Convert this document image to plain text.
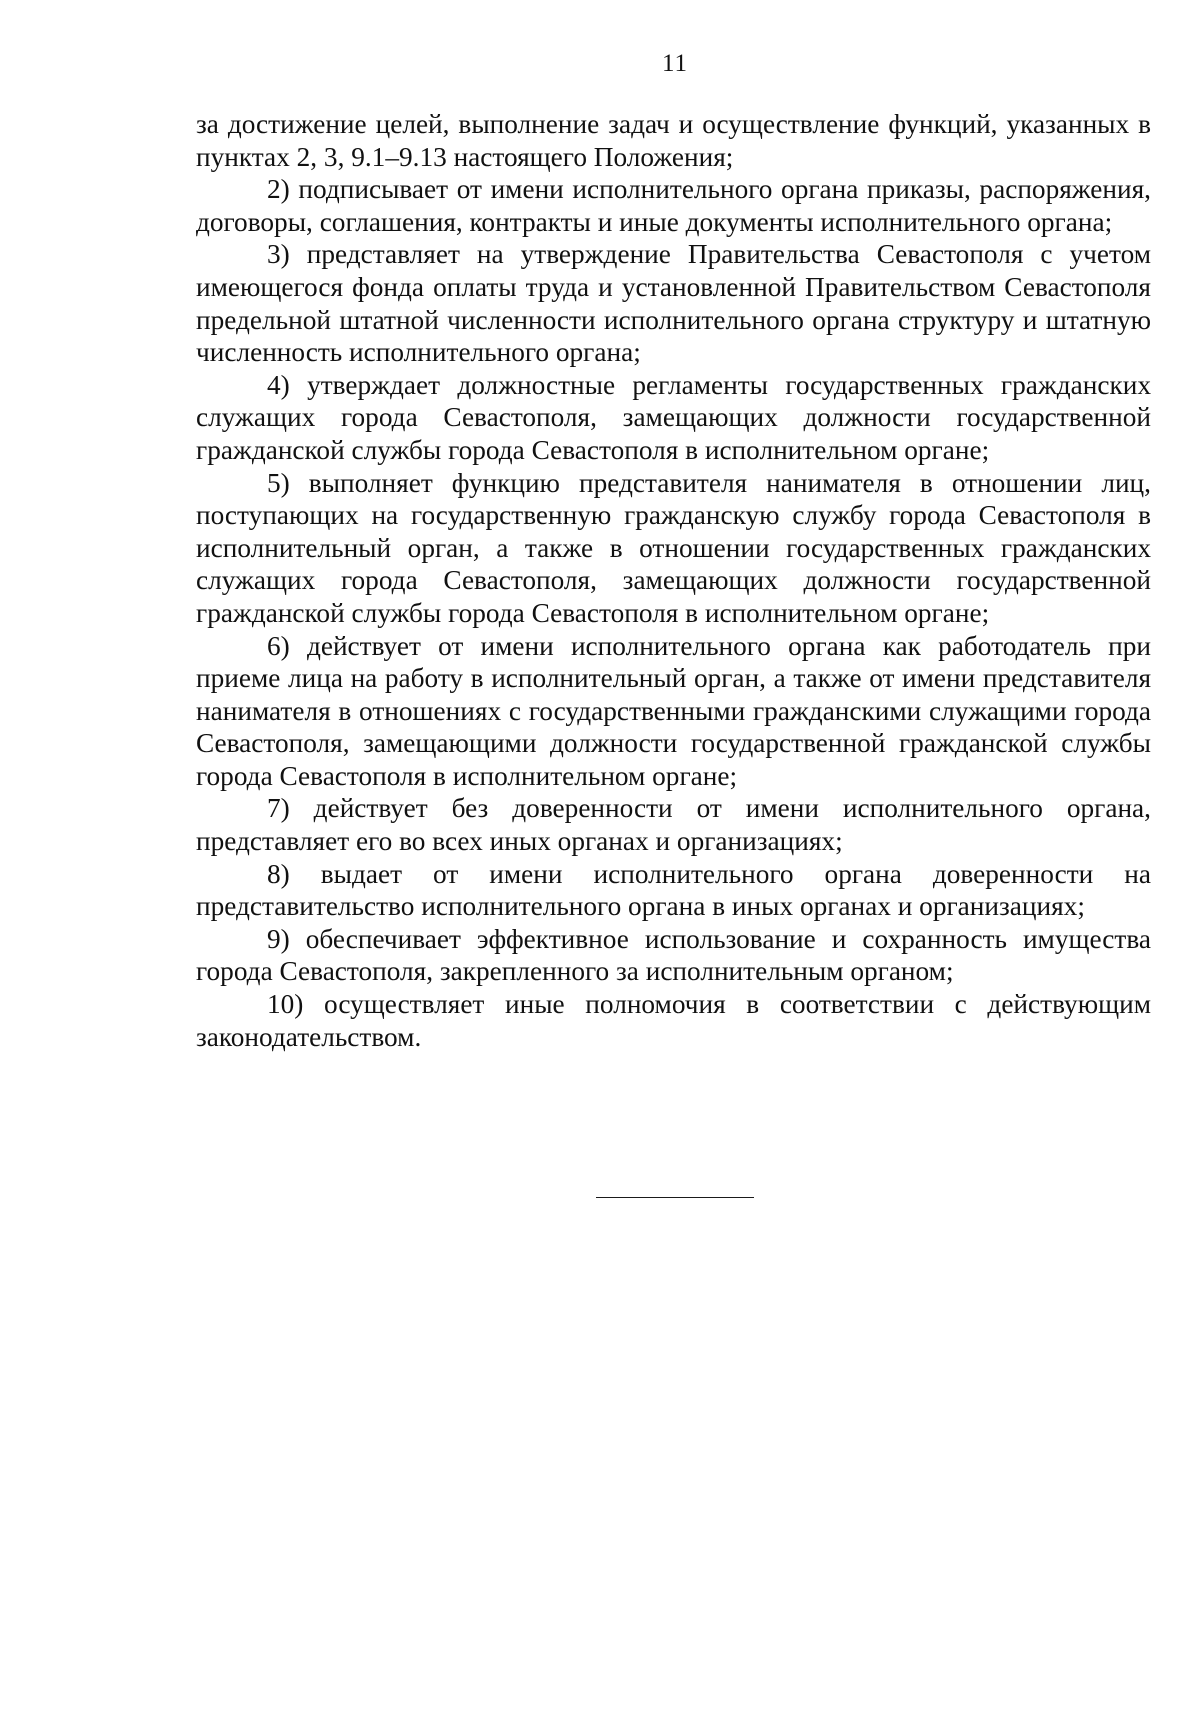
11

за достижение целей, выполнение задач и осуществление функций, указанных в пунктах 2, 3, 9.1–9.13 настоящего Положения;

2) подписывает от имени исполнительного органа приказы, распоряжения, договоры, соглашения, контракты и иные документы исполнительного органа;

3) представляет на утверждение Правительства Севастополя с учетом имеющегося фонда оплаты труда и установленной Правительством Севастополя предельной штатной численности исполнительного органа структуру и штатную численность исполнительного органа;

4) утверждает должностные регламенты государственных гражданских служащих города Севастополя, замещающих должности государственной гражданской службы города Севастополя в исполнительном органе;

5) выполняет функцию представителя нанимателя в отношении лиц, поступающих на государственную гражданскую службу города Севастополя в исполнительный орган, а также в отношении государственных гражданских служащих города Севастополя, замещающих должности государственной гражданской службы города Севастополя в исполнительном органе;

6) действует от имени исполнительного органа как работодатель при приеме лица на работу в исполнительный орган, а также от имени представителя нанимателя в отношениях с государственными гражданскими служащими города Севастополя, замещающими должности государственной гражданской службы города Севастополя в исполнительном органе;

7) действует без доверенности от имени исполнительного органа, представляет его во всех иных органах и организациях;

8) выдает от имени исполнительного органа доверенности на представительство исполнительного органа в иных органах и организациях;

9) обеспечивает эффективное использование и сохранность имущества города Севастополя, закрепленного за исполнительным органом;

10) осуществляет иные полномочия в соответствии с действующим законодательством.
